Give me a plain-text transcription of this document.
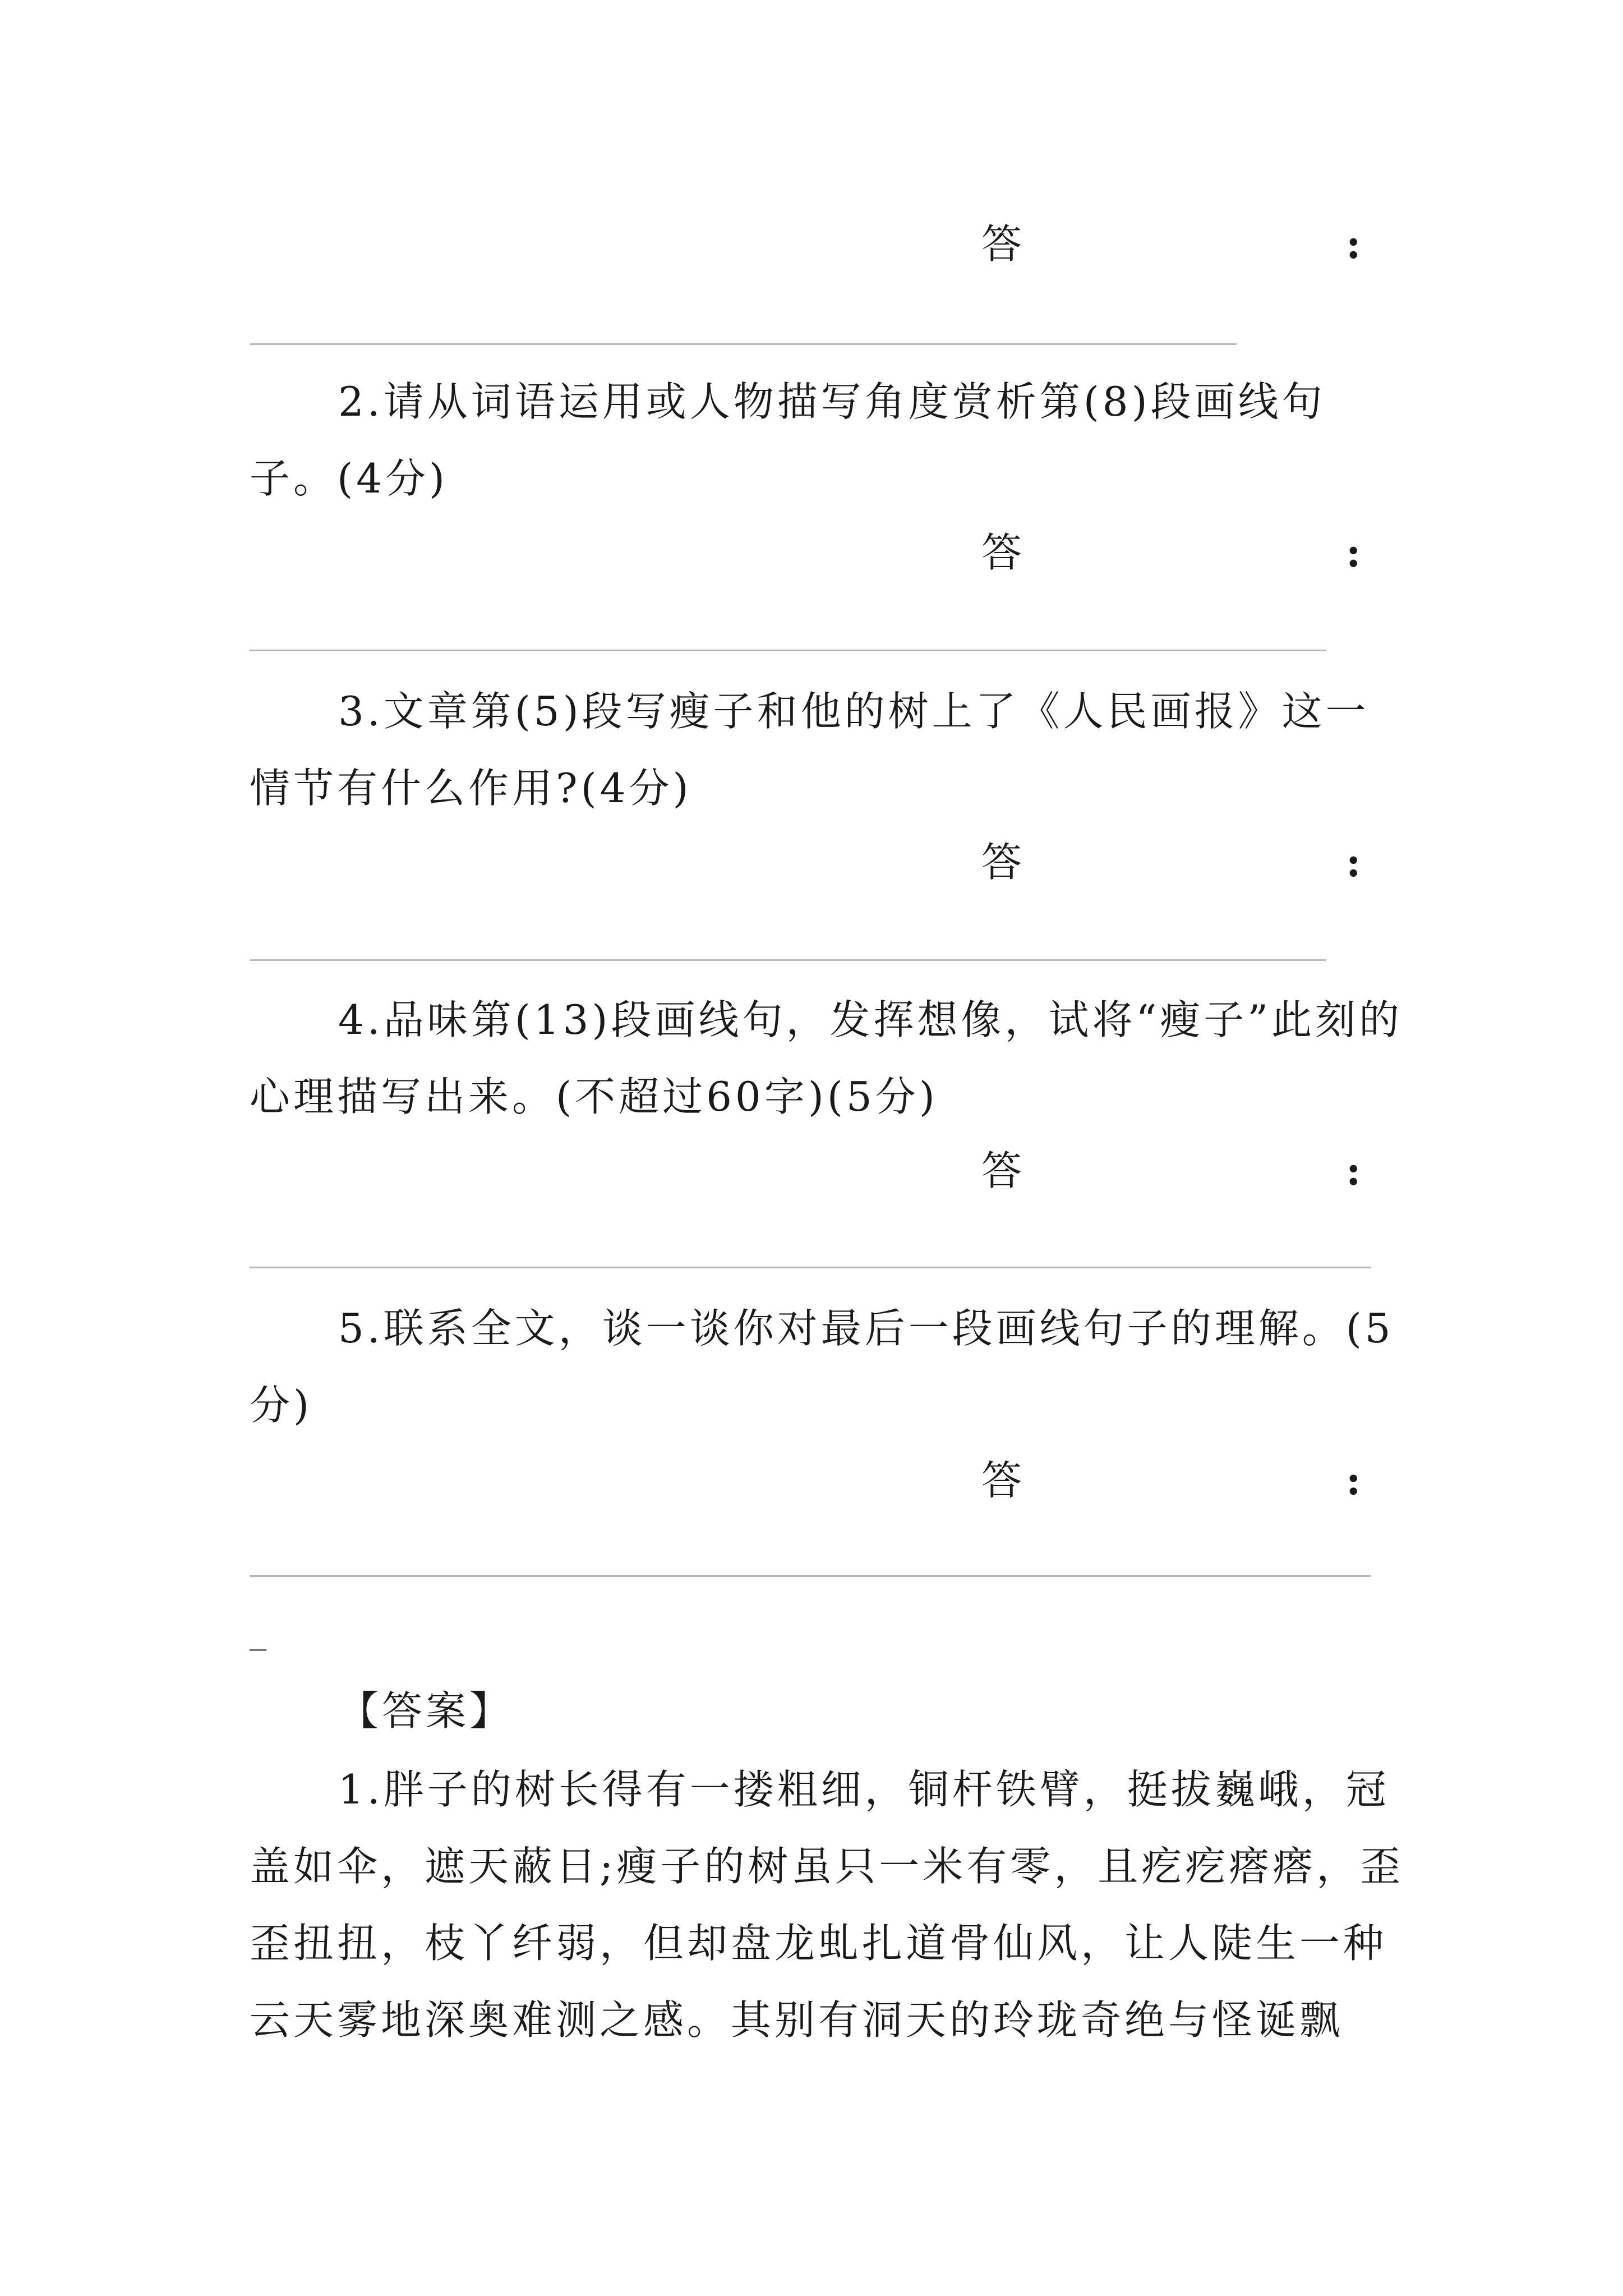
答	:

2.请从词语运用或人物描写角度赏析第(8)段画线句子。(4分)

答	:

3.文章第(5)段写瘦子和他的树上了《人民画报》这一情节有什么作用?(4分)

答	:

4.品味第(13)段画线句，发挥想像，试将“瘦子”此刻的心理描写出来。(不超过60字)(5分)

答	:

5.联系全文，谈一谈你对最后一段画线句子的理解。(5分)

答	:
【答案】

1.胖子的树长得有一搂粗细，铜杆铁臂，挺拔巍峨，冠盖如伞，遮天蔽日;瘦子的树虽只一米有零，且疙疙瘩瘩，歪歪扭扭，枝丫纤弱，但却盘龙虬扎道骨仙风，让人陡生一种云天雾地深奥难测之感。其别有洞天的玲珑奇绝与怪诞飘
